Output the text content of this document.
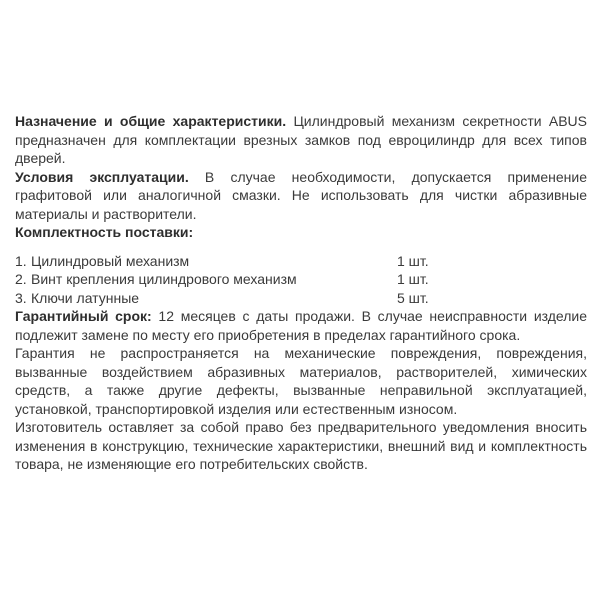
Назначение и общие характеристики. Цилиндровый механизм секретности ABUS предназначен для комплектации врезных замков под евроцилиндр для всех типов дверей.

Условия эксплуатации. В случае необходимости, допускается применение графитовой или аналогичной смазки. Не использовать для чистки абразивные материалы и растворители.

Комплектность поставки:

1. Цилиндровый механизм	1 шт.
2. Винт крепления цилиндрового механизм	1 шт.
3. Ключи латунные	5 шт.

Гарантийный срок: 12 месяцев с даты продажи. В случае неисправности изделие подлежит замене по месту его приобретения в пределах гарантийного срока.

Гарантия не распространяется на механические повреждения, повреждения, вызванные воздействием абразивных материалов, растворителей, химических средств, а также другие дефекты, вызванные неправильной эксплуатацией, установкой, транспортировкой изделия или естественным износом.

Изготовитель оставляет за собой право без предварительного уведомления вносить изменения в конструкцию, технические характеристики, внешний вид и комплектность товара, не изменяющие его потребительских свойств.
